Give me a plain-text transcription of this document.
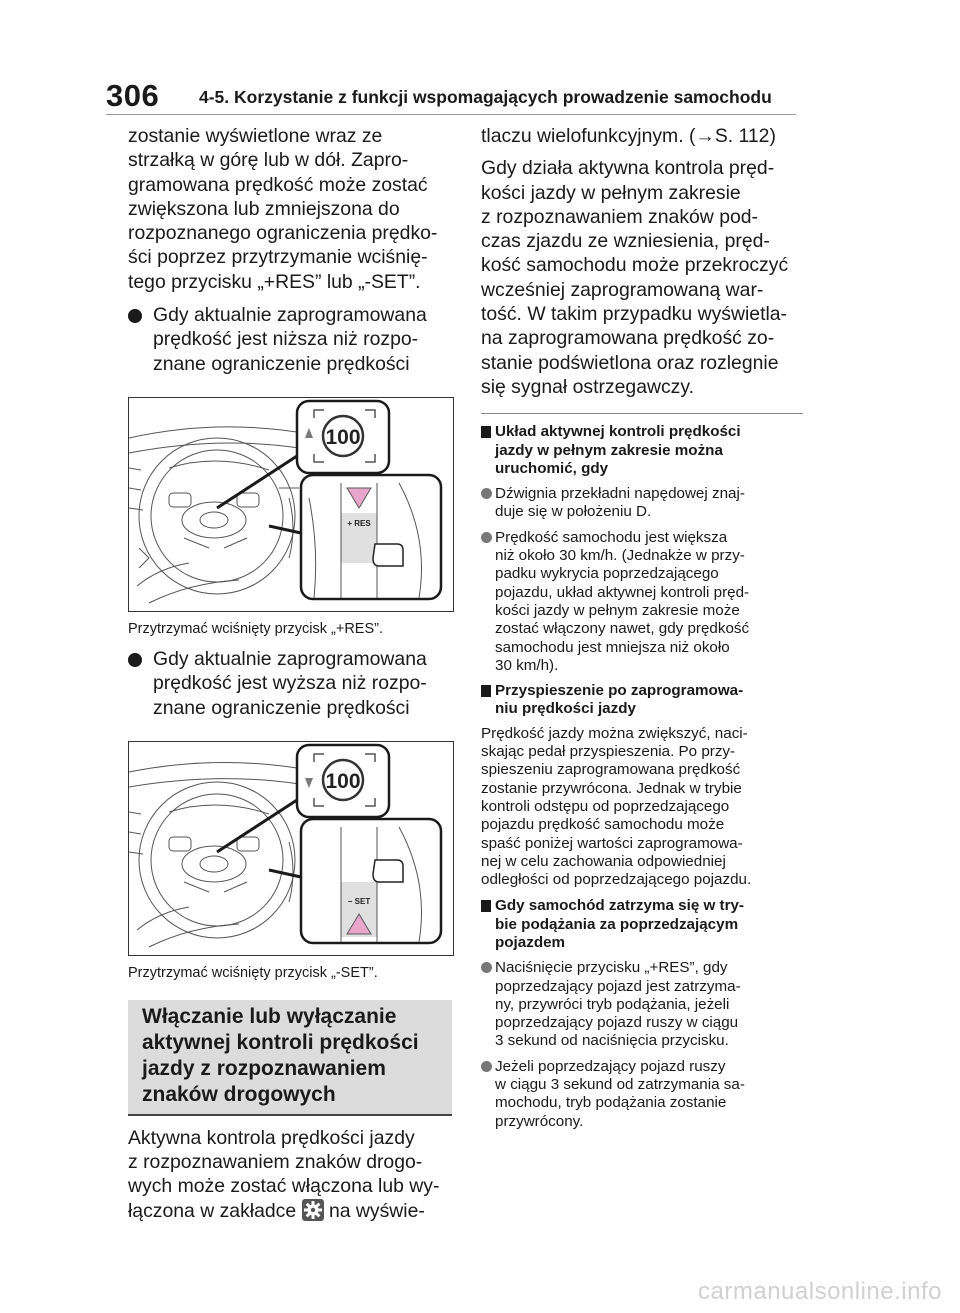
306 4-5. Korzystanie z funkcji wspomagających prowadzenie samochodu

zostanie wyświetlone wraz ze

strzałką w górę lub w dół. Zapro-

gramowana prędkość może zostać

zwiększona lub zmniejszona do

rozpoznanego ograniczenia prędko-

ści poprzez przytrzymanie wciśnię-

tego przycisku „+RES” lub „-SET”.

Gdy aktualnie zaprogramowana

prędkość jest niższa niż rozpo-

znane ograniczenie prędkości

100
+ RES

Przytrzymać wciśnięty przycisk „+RES”.

Gdy aktualnie zaprogramowana

prędkość jest wyższa niż rozpo-

znane ograniczenie prędkości

100
− SET

Przytrzymać wciśnięty przycisk „-SET”.

Włączanie lub wyłączanie

aktywnej kontroli prędkości

jazdy z rozpoznawaniem

znaków drogowych

Aktywna kontrola prędkości jazdy

z rozpoznawaniem znaków drogo-

wych może zostać włączona lub wy-

łączona w zakładce na wyświe-

tlaczu wielofunkcyjnym. (→S. 112)

Gdy działa aktywna kontrola pręd-

kości jazdy w pełnym zakresie

z rozpoznawaniem znaków pod-

czas zjazdu ze wzniesienia, pręd-

kość samochodu może przekroczyć

wcześniej zaprogramowaną war-

tość. W takim przypadku wyświetla-

na zaprogramowana prędkość zo-

stanie podświetlona oraz rozlegnie

się sygnał ostrzegawczy.

Układ aktywnej kontroli prędkości

jazdy w pełnym zakresie można

uruchomić, gdy

Dźwignia przekładni napędowej znaj-

duje się w położeniu D.

Prędkość samochodu jest większa

niż około 30 km/h. (Jednakże w przy-

padku wykrycia poprzedzającego

pojazdu, układ aktywnej kontroli pręd-

kości jazdy w pełnym zakresie może

zostać włączony nawet, gdy prędkość

samochodu jest mniejsza niż około

30 km/h).

Przyspieszenie po zaprogramowa-

niu prędkości jazdy

Prędkość jazdy można zwiększyć, naci-

skając pedał przyspieszenia. Po przy-

spieszeniu zaprogramowana prędkość

zostanie przywrócona. Jednak w trybie

kontroli odstępu od poprzedzającego

pojazdu prędkość samochodu może

spaść poniżej wartości zaprogramowa-

nej w celu zachowania odpowiedniej

odległości od poprzedzającego pojazdu.

Gdy samochód zatrzyma się w try-

bie podążania za poprzedzającym

pojazdem

Naciśnięcie przycisku „+RES”, gdy

poprzedzający pojazd jest zatrzyma-

ny, przywróci tryb podążania, jeżeli

poprzedzający pojazd ruszy w ciągu

3 sekund od naciśnięcia przycisku.

Jeżeli poprzedzający pojazd ruszy

w ciągu 3 sekund od zatrzymania sa-

mochodu, tryb podążania zostanie

przywrócony.

carmanualsonline.info
